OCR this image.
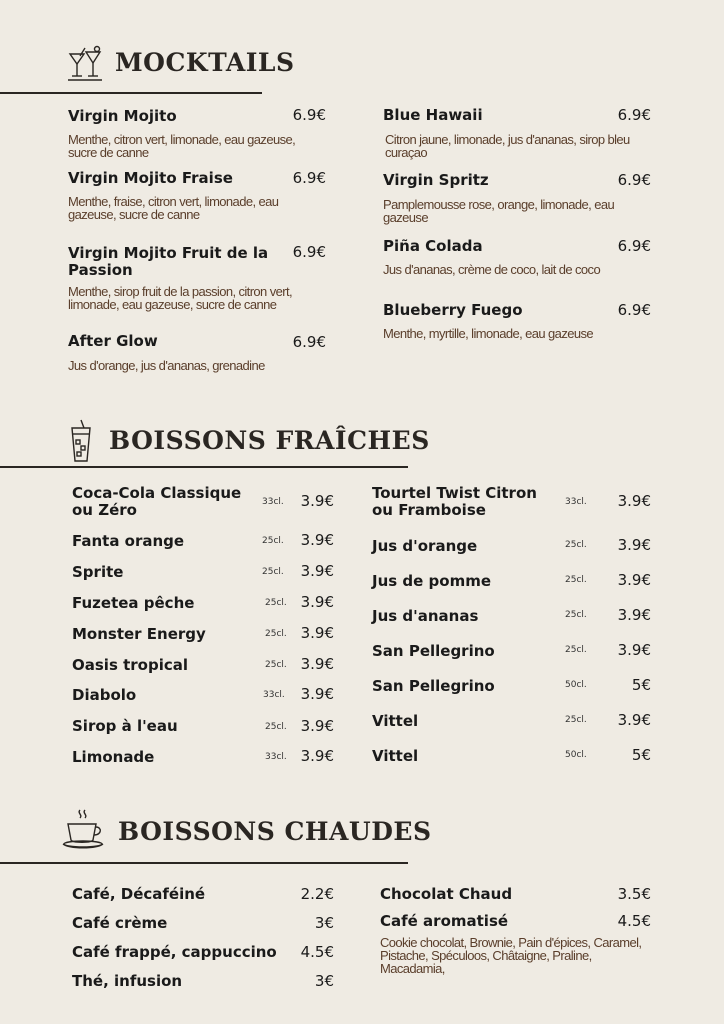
MOCKTAILS
Virgin Mojito	6.9€
Menthe, citron vert, limonade, eau gazeuse, sucre de canne
Virgin Mojito Fraise	6.9€
Menthe, fraise, citron vert, limonade, eau gazeuse, sucre de canne
Virgin Mojito Fruit de la Passion
6.9€
Menthe, sirop fruit de la passion, citron vert, limonade, eau gazeuse, sucre de canne
After Glow	6.9€
Jus d'orange, jus d'ananas, grenadine
Blue Hawaii	6.9€
Citron jaune, limonade, jus d'ananas, sirop bleu curaçao
Virgin Spritz	6.9€
Pamplemousse rose, orange, limonade, eau gazeuse
Piña Colada	6.9€
Jus d'ananas, crème de coco, lait de coco
Blueberry Fuego	6.9€
Menthe, myrtille, limonade, eau gazeuse
BOISSONS FRAÎCHES
Coca-Cola Classique ou Zéro	33cl.	3.9€
Fanta orange	25cl.	3.9€
Sprite	25cl.	3.9€
Fuzetea pêche	25cl. 3.9€
Monster Energy	25cl. 3.9€
Oasis tropical	25cl. 3.9€
Diabolo	33cl.	3.9€
Sirop à l'eau	25cl. 3.9€
Limonade	33cl. 3.9€
Tourtel Twist Citron ou Framboise	33cl.	3.9€
Jus d'orange	25cl.	3.9€
Jus de pomme	25cl.	3.9€
Jus d'ananas	25cl.	3.9€
San Pellegrino	25cl.	3.9€
San Pellegrino	50cl.	5€
Vittel	25cl.	3.9€
Vittel	50cl.	5€
BOISSONS CHAUDES
Café, Décaféiné	2.2€
Café crème	3€
Café frappé, cappuccino	4.5€
Thé, infusion	3€
Chocolat Chaud	3.5€
Café aromatisé	4.5€
Cookie chocolat, Brownie, Pain d'épices, Caramel, Pistache, Spéculoos, Châtaigne, Praline, Macadamia,
